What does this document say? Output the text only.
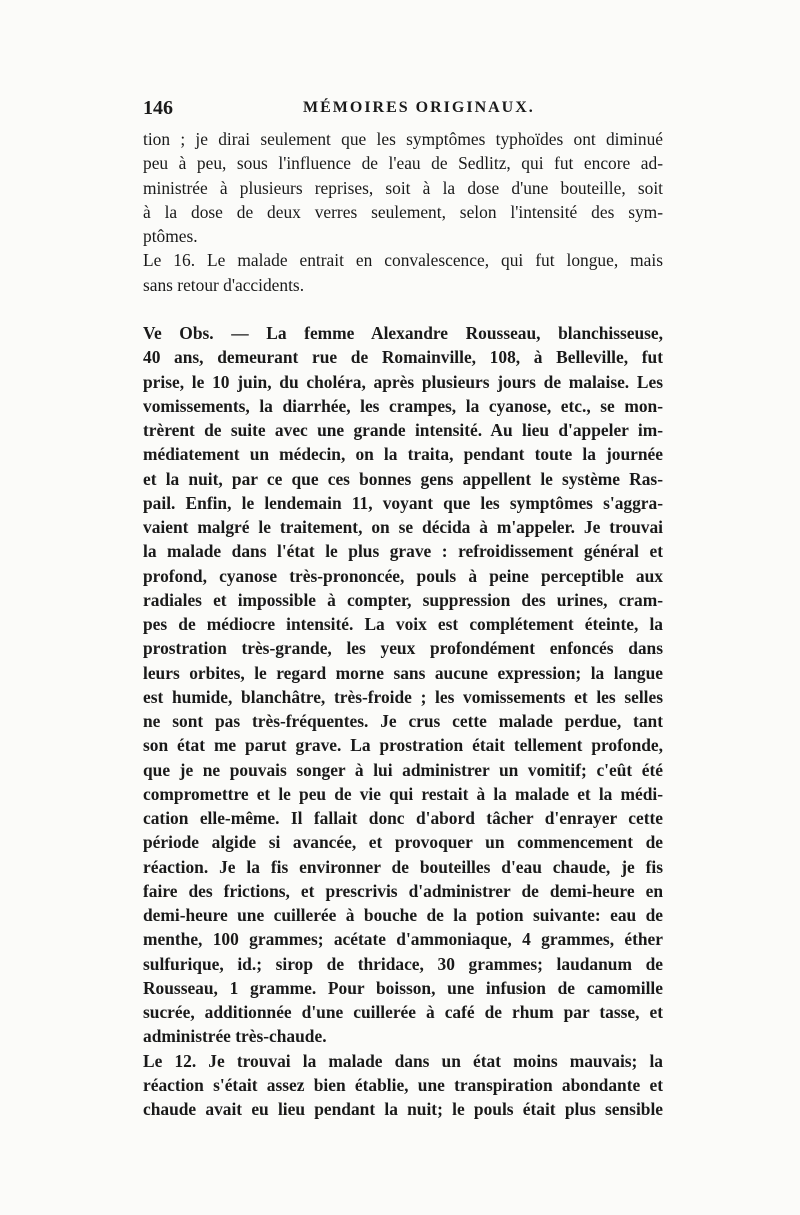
146	MÉMOIRES ORIGINAUX.
tion ; je dirai seulement que les symptômes typhoïdes ont diminué
peu à peu, sous l'influence de l'eau de Sedlitz, qui fut encore ad-
ministrée à plusieurs reprises, soit à la dose d'une bouteille, soit
à la dose de deux verres seulement, selon l'intensité des sym-
ptômes.
Le 16. Le malade entrait en convalescence, qui fut longue, mais
sans retour d'accidents.
Ve Obs. — La femme Alexandre Rousseau, blanchisseuse,
40 ans, demeurant rue de Romainville, 108, à Belleville, fut
prise, le 10 juin, du choléra, après plusieurs jours de malaise. Les
vomissements, la diarrhée, les crampes, la cyanose, etc., se mon-
trèrent de suite avec une grande intensité. Au lieu d'appeler im-
médiatement un médecin, on la traita, pendant toute la journée
et la nuit, par ce que ces bonnes gens appellent le système Ras-
pail. Enfin, le lendemain 11, voyant que les symptômes s'aggra-
vaient malgré le traitement, on se décida à m'appeler. Je trouvai
la malade dans l'état le plus grave : refroidissement général et
profond, cyanose très-prononcée, pouls à peine perceptible aux
radiales et impossible à compter, suppression des urines, cram-
pes de médiocre intensité. La voix est complétement éteinte, la
prostration très-grande, les yeux profondément enfoncés dans
leurs orbites, le regard morne sans aucune expression; la langue
est humide, blanchâtre, très-froide ; les vomissements et les selles
ne sont pas très-fréquentes. Je crus cette malade perdue, tant
son état me parut grave. La prostration était tellement profonde,
que je ne pouvais songer à lui administrer un vomitif; c'eût été
compromettre et le peu de vie qui restait à la malade et la médi-
cation elle-même. Il fallait donc d'abord tâcher d'enrayer cette
période algide si avancée, et provoquer un commencement de
réaction. Je la fis environner de bouteilles d'eau chaude, je fis
faire des frictions, et prescrivis d'administrer de demi-heure en
demi-heure une cuillerée à bouche de la potion suivante: eau de
menthe, 100 grammes; acétate d'ammoniaque, 4 grammes, éther
sulfurique, id.; sirop de thridace, 30 grammes; laudanum de
Rousseau, 1 gramme. Pour boisson, une infusion de camomille
sucrée, additionnée d'une cuillerée à café de rhum par tasse, et
administrée très-chaude.
Le 12. Je trouvai la malade dans un état moins mauvais; la
réaction s'était assez bien établie, une transpiration abondante et
chaude avait eu lieu pendant la nuit; le pouls était plus sensible
